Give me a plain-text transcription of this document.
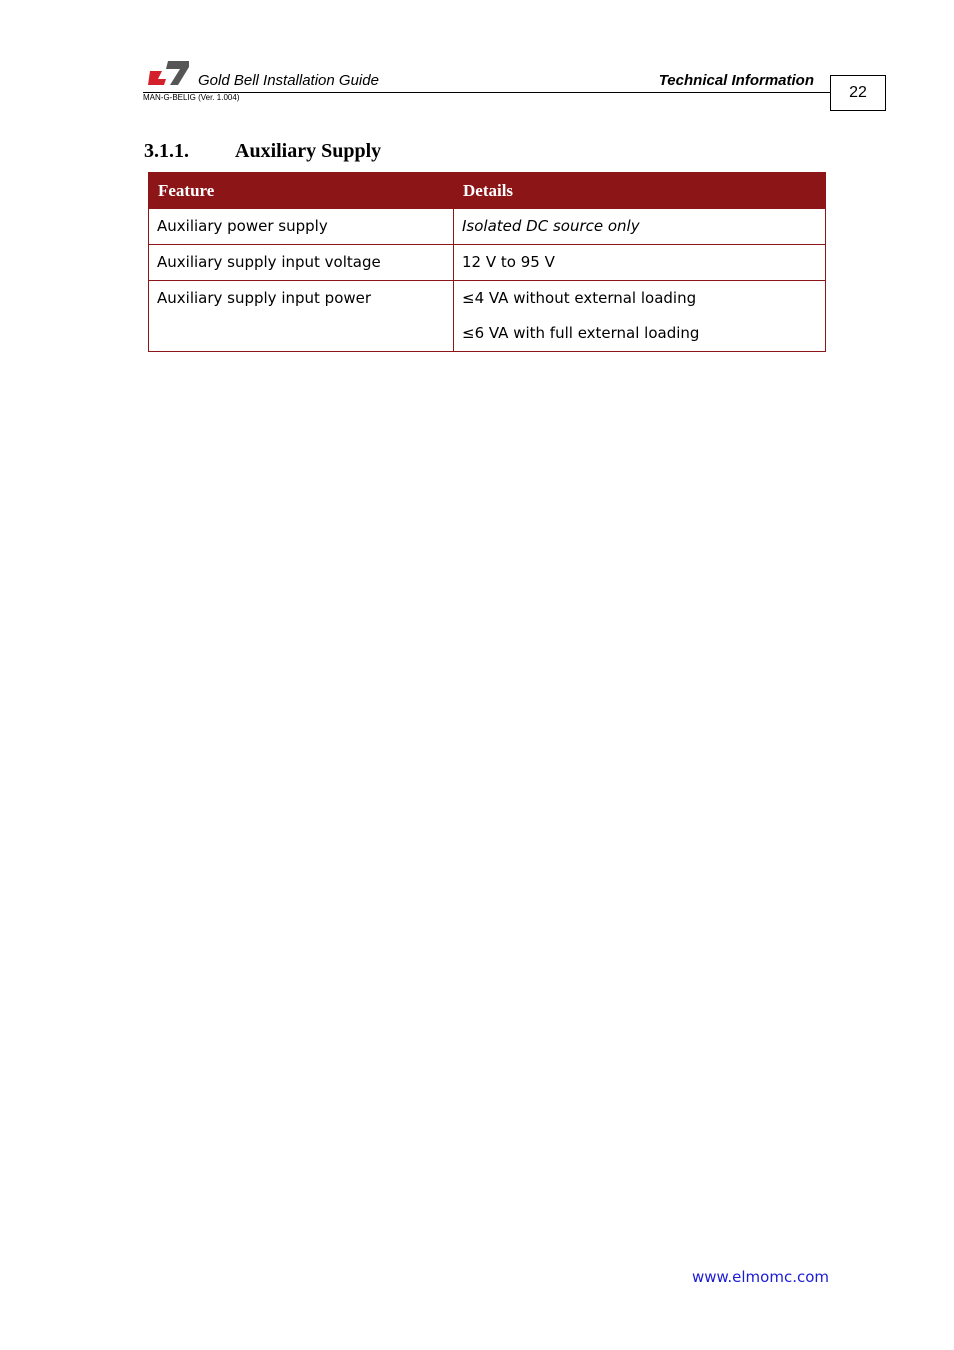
Gold Bell Installation Guide	Technical Information
22
MAN-G-BELIG (Ver. 1.004)
3.1.1. Auxiliary Supply
Feature	Details
Auxiliary power supply	Isolated DC source only
Auxiliary supply input voltage	12 V to 95 V
Auxiliary supply input power	≤4 VA without external loading
≤6 VA with full external loading
www.elmomc.com
